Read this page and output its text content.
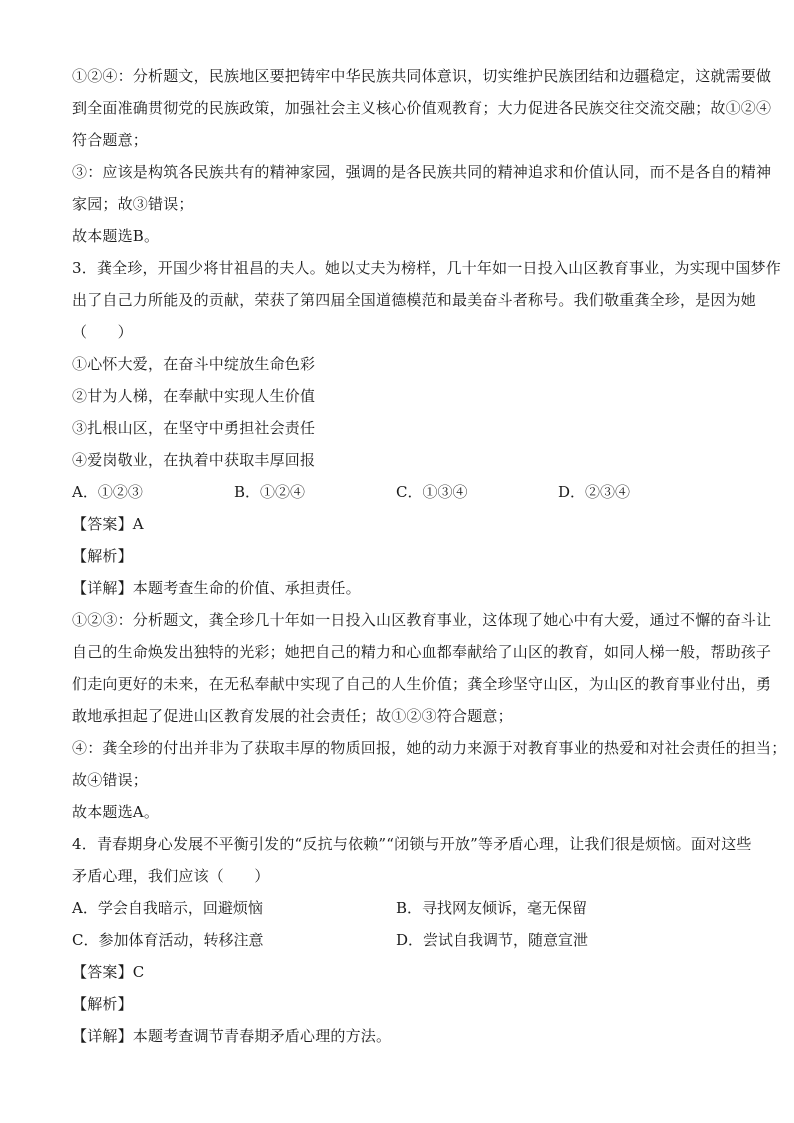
①②④：分析题文，民族地区要把铸牢中华民族共同体意识，切实维护民族团结和边疆稳定，这就需要做
到全面准确贯彻党的民族政策，加强社会主义核心价值观教育；大力促进各民族交往交流交融；故①②④
符合题意；
③：应该是构筑各民族共有的精神家园，强调的是各民族共同的精神追求和价值认同，而不是各自的精神
家园；故③错误；
故本题选B。
3．龚全珍，开国少将甘祖昌的夫人。她以丈夫为榜样，几十年如一日投入山区教育事业，为实现中国梦作
出了自己力所能及的贡献，荣获了第四届全国道德模范和最美奋斗者称号。我们敬重龚全珍，是因为她
（　　）
①心怀大爱，在奋斗中绽放生命色彩
②甘为人梯，在奉献中实现人生价值
③扎根山区，在坚守中勇担社会责任
④爱岗敬业，在执着中获取丰厚回报
A．①②③	B．①②④	C．①③④	D．②③④
【答案】A
【解析】
【详解】本题考查生命的价值、承担责任。
①②③：分析题文，龚全珍几十年如一日投入山区教育事业，这体现了她心中有大爱，通过不懈的奋斗让
自己的生命焕发出独特的光彩；她把自己的精力和心血都奉献给了山区的教育，如同人梯一般，帮助孩子
们走向更好的未来，在无私奉献中实现了自己的人生价值；龚全珍坚守山区，为山区的教育事业付出，勇
敢地承担起了促进山区教育发展的社会责任；故①②③符合题意；
④：龚全珍的付出并非为了获取丰厚的物质回报，她的动力来源于对教育事业的热爱和对社会责任的担当；
故④错误；
故本题选A。
4．青春期身心发展不平衡引发的“反抗与依赖”“闭锁与开放”等矛盾心理，让我们很是烦恼。面对这些
矛盾心理，我们应该（　　）
A．学会自我暗示，回避烦恼	B．寻找网友倾诉，毫无保留
C．参加体育活动，转移注意	D．尝试自我调节，随意宣泄
【答案】C
【解析】
【详解】本题考查调节青春期矛盾心理的方法。
